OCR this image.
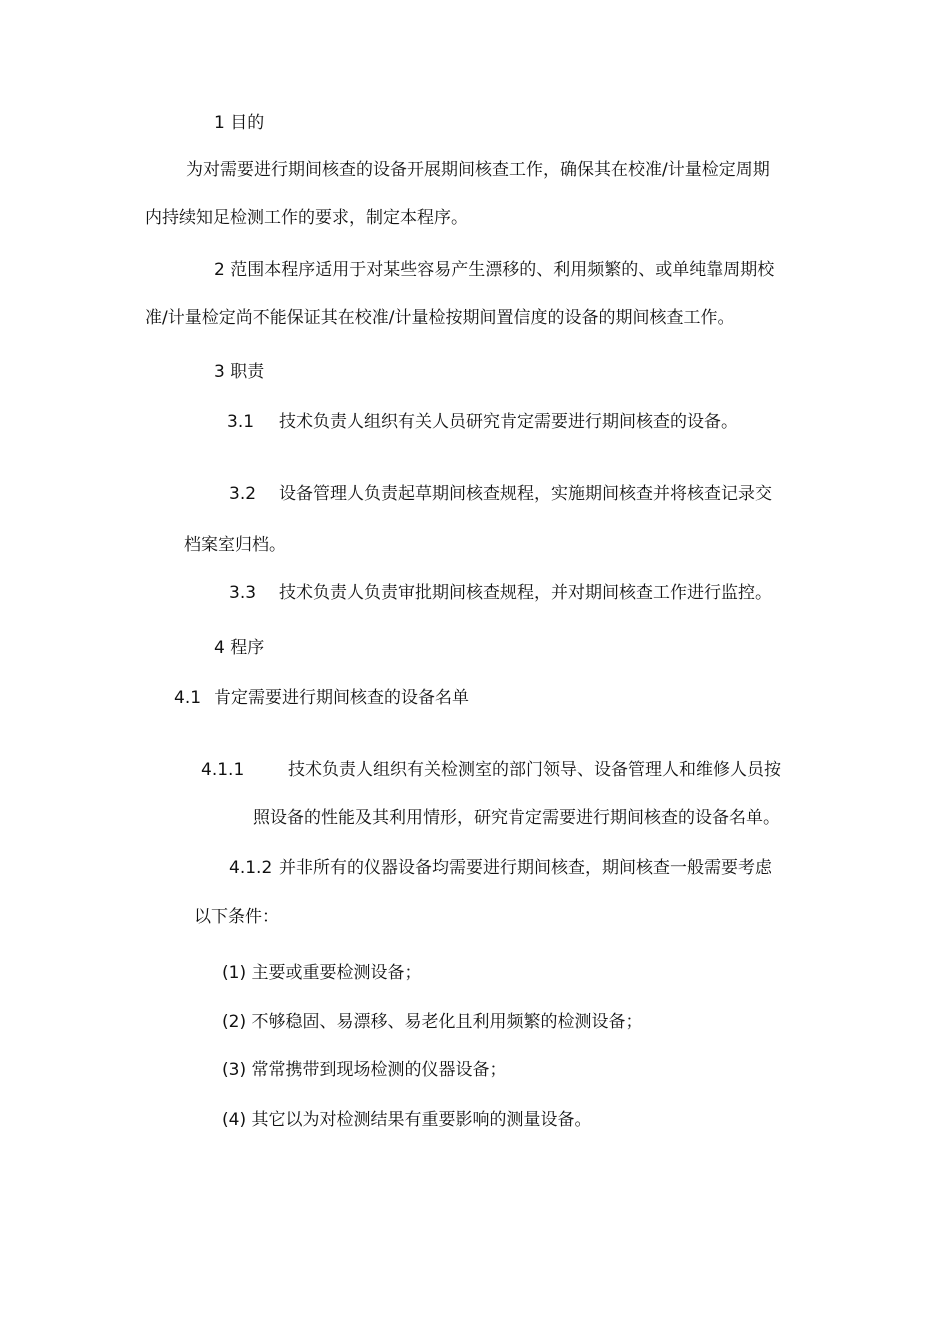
1 目的

为对需要进行期间核查的设备开展期间核查工作，确保其在校准/计量检定周期

内持续知足检测工作的要求，制定本程序。

2 范围本程序适用于对某些容易产生漂移的、利用频繁的、或单纯靠周期校

准/计量检定尚不能保证其在校准/计量检按期间置信度的设备的期间核查工作。

3 职责

3.1 技术负责人组织有关人员研究肯定需要进行期间核查的设备。

3.2 设备管理人负责起草期间核查规程，实施期间核查并将核查记录交

档案室归档。

3.3 技术负责人负责审批期间核查规程，并对期间核查工作进行监控。

4 程序

4.1 肯定需要进行期间核查的设备名单

4.1.1	技术负责人组织有关检测室的部门领导、设备管理人和维修人员按

照设备的性能及其利用情形，研究肯定需要进行期间核查的设备名单。

4.1.2 并非所有的仪器设备均需要进行期间核查，期间核查一般需要考虑

以下条件：

(1) 主要或重要检测设备；

(2) 不够稳固、易漂移、易老化且利用频繁的检测设备；

(3) 常常携带到现场检测的仪器设备；

(4) 其它以为对检测结果有重要影响的测量设备。
